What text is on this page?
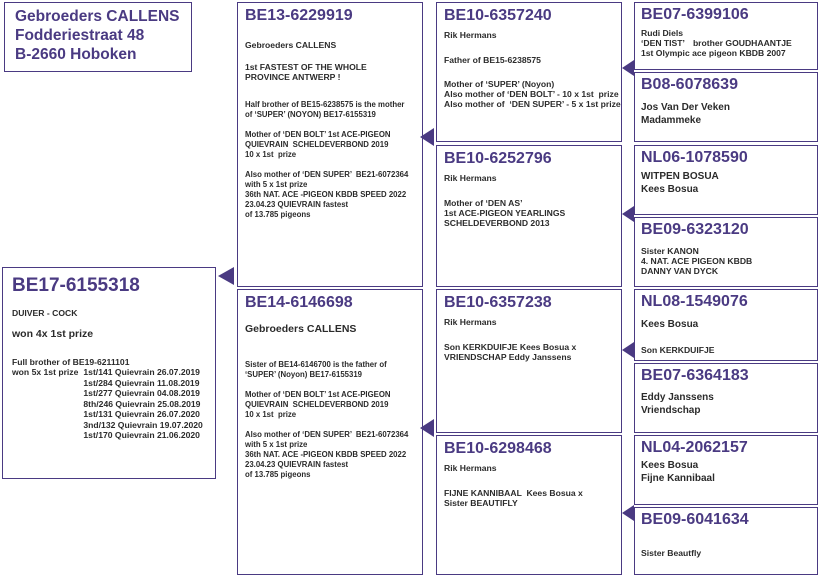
Gebroeders CALLENS
Fodderiestraat 48
B-2660 Hoboken
BE17-6155318
DUIVER - COCK
won 4x 1st prize
Full brother of BE19-6211101
won 5x 1st prize	1st/141 Quievrain 26.07.2019
	1st/284 Quievrain 11.08.2019
	1st/277 Quievrain 04.08.2019
	8th/246 Quievrain 25.08.2019
	1st/131 Quievrain 26.07.2020
	3nd/132 Quievrain 19.07.2020
	1st/170 Quievrain 21.06.2020
BE13-6229919
Gebroeders CALLENS
1st FASTEST OF THE WHOLE
PROVINCE ANTWERP !
Half brother of BE15-6238575 is the mother
of ‘SUPER’ (NOYON) BE17-6155319
Mother of ‘DEN BOLT’ 1st ACE-PIGEON
QUIEVRAIN  SCHELDEVERBOND 2019
10 x 1st  prize
Also mother of ‘DEN SUPER’  BE21-6072364
with 5 x 1st prize
36th NAT. ACE -PIGEON KBDB SPEED 2022
23.04.23 QUIEVRAIN fastest
of 13.785 pigeons
BE14-6146698
Gebroeders CALLENS
Sister of BE14-6146700 is the father of
‘SUPER’ (Noyon) BE17-6155319
Mother of ‘DEN BOLT’ 1st ACE-PIGEON
QUIEVRAIN  SCHELDEVERBOND 2019
10 x 1st  prize
Also mother of ‘DEN SUPER’  BE21-6072364
with 5 x 1st prize
36th NAT. ACE -PIGEON KBDB SPEED 2022
23.04.23 QUIEVRAIN fastest
of 13.785 pigeons
BE10-6357240
Rik Hermans
Father of BE15-6238575
Mother of ‘SUPER’ (Noyon)
Also mother of ‘DEN BOLT’ - 10 x 1st  prize
Also mother of  ‘DEN SUPER’ - 5 x 1st prize
BE10-6252796
Rik Hermans
Mother of ‘DEN AS’
1st ACE-PIGEON YEARLINGS
SCHELDEVERBOND 2013
BE10-6357238
Rik Hermans
Son KERKDUIFJE Kees Bosua x
VRIENDSCHAP Eddy Janssens
BE10-6298468
Rik Hermans
FIJNE KANNIBAAL  Kees Bosua x
Sister BEAUTIFLY
BE07-6399106
Rudi Diels
‘DEN TIST’ brother GOUDHAANTJE
1st Olympic ace pigeon KBDB 2007
B08-6078639
Jos Van Der Veken
Madammeke
NL06-1078590
WITPEN BOSUA
Kees Bosua
BE09-6323120
Sister KANON
4. NAT. ACE PIGEON KBDB
DANNY VAN DYCK
NL08-1549076
Kees Bosua
Son KERKDUIFJE
BE07-6364183
Eddy Janssens
Vriendschap
NL04-2062157
Kees Bosua
Fijne Kannibaal
BE09-6041634
Sister Beautfly
